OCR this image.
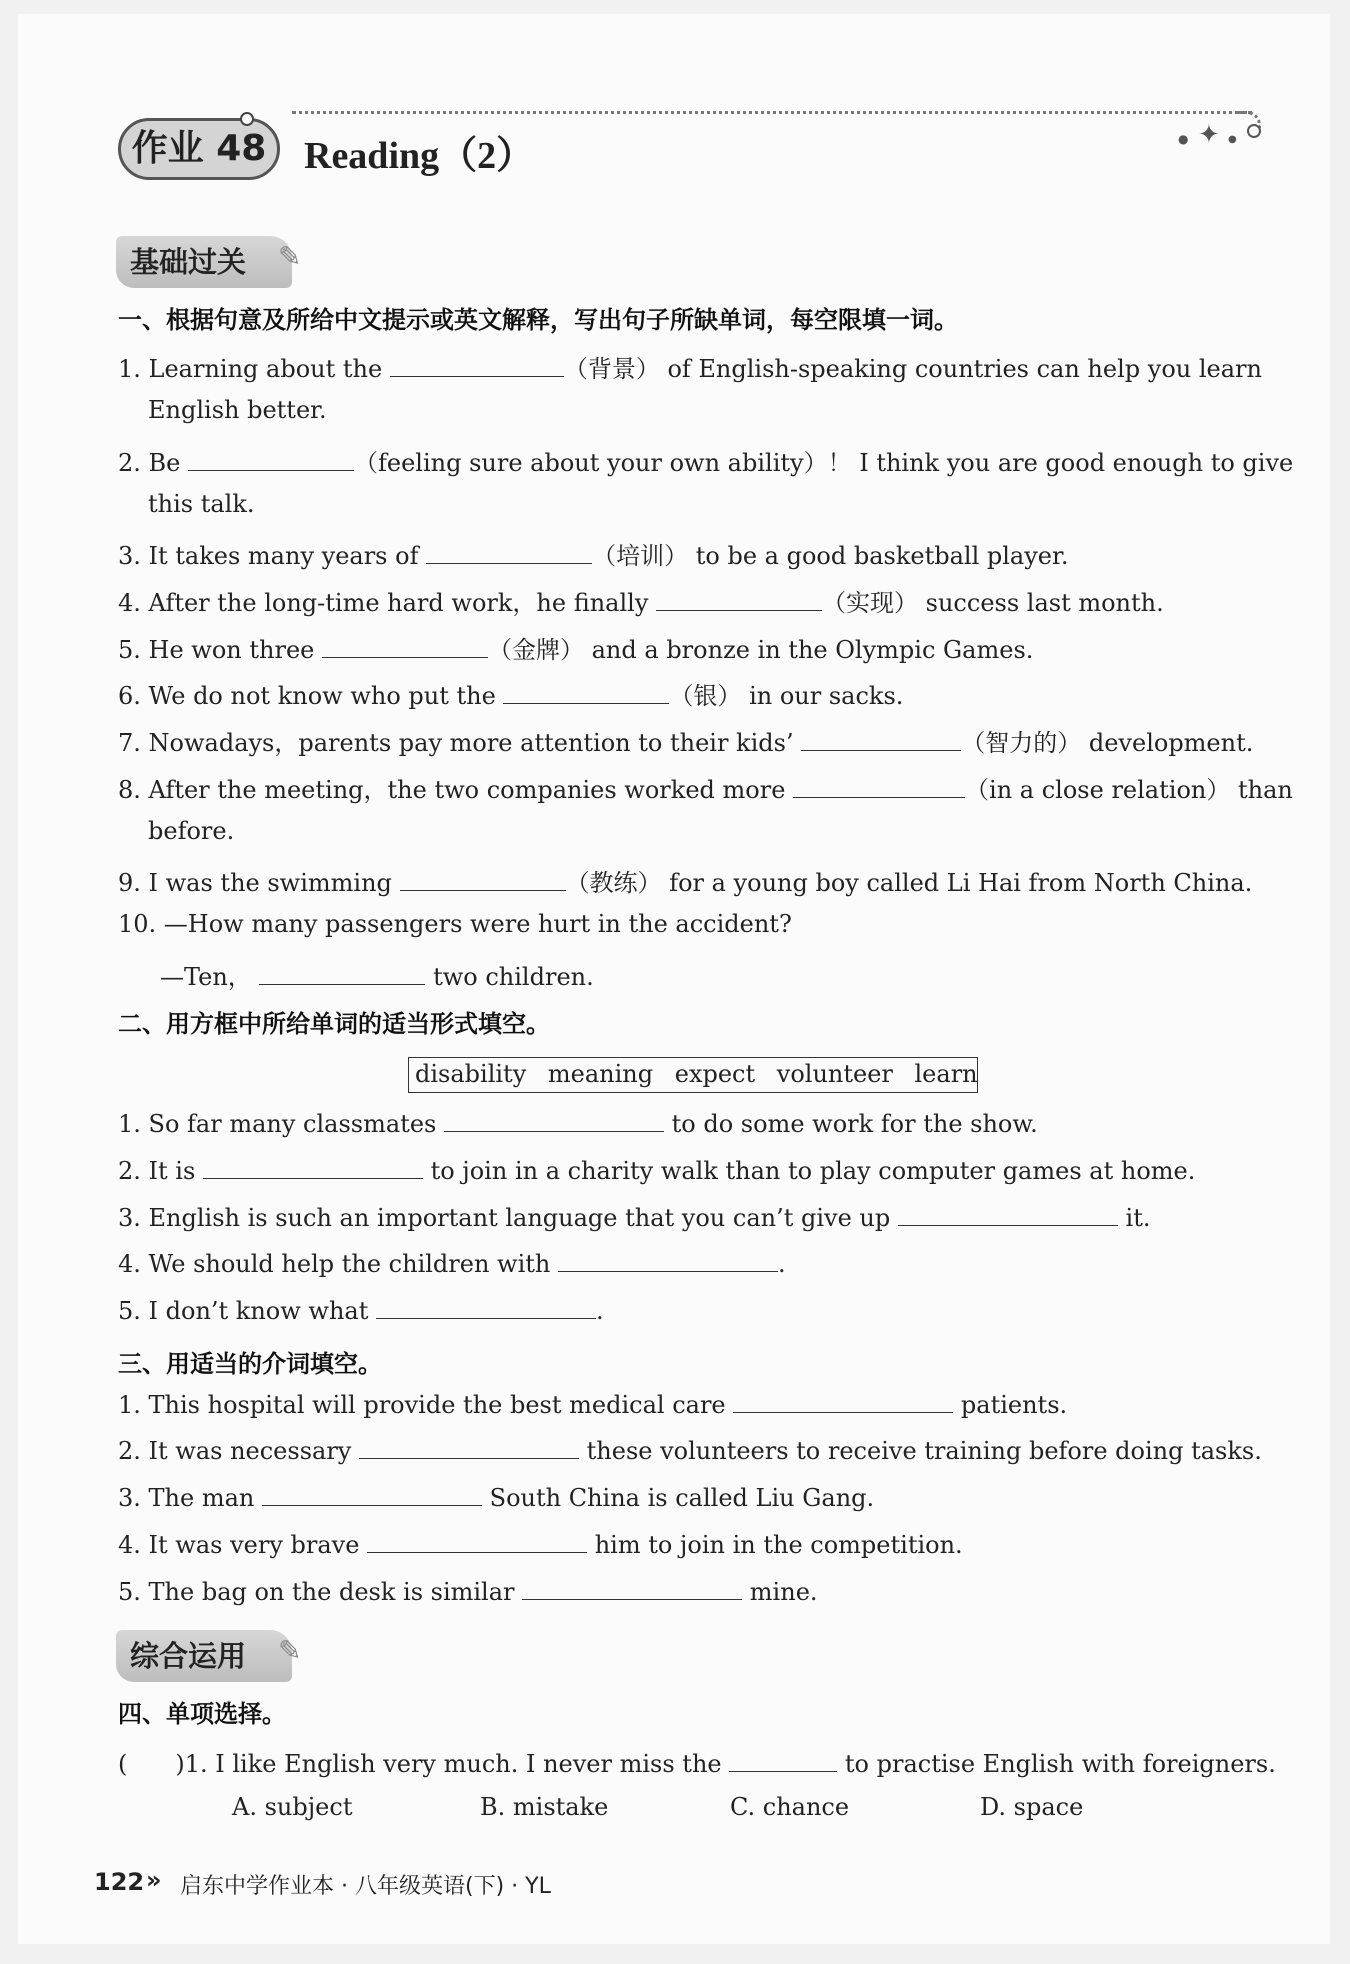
作业 48 Reading（2）	● ✦ ●
基础过关	✎
一、根据句意及所给中文提示或英文解释，写出句子所缺单词，每空限填一词。
1. Learning about the	（背景） of English-speaking countries can help you learn
English better.
2. Be	（feeling sure about your own ability）！ I think you are good enough to give
this talk.
3. It takes many years of	（培训） to be a good basketball player.
4. After the long-time hard work，he finally	（实现） success last month.
5. He won three	（金牌） and a bronze in the Olympic Games.
6. We do not know who put the	（银） in our sacks.
7. Nowadays，parents pay more attention to their kids’	（智力的） development.
8. After the meeting，the two companies worked more	（in a close relation） than
before.
9. I was the swimming	（教练） for a young boy called Li Hai from North China.
10. —How many passengers were hurt in the accident?
—Ten，	two children.
二、用方框中所给单词的适当形式填空。
disability meaning expect volunteer learn
1. So far many classmates	to do some work for the show.
2. It is	to join in a charity walk than to play computer games at home.
3. English is such an important language that you can’t give up	it.
4. We should help the children with	.
5. I don’t know what	.
三、用适当的介词填空。
1. This hospital will provide the best medical care	patients.
2. It was necessary	these volunteers to receive training before doing tasks.
3. The man	South China is called Liu Gang.
4. It was very brave	him to join in the competition.
5. The bag on the desk is similar	mine.
综合运用	✎
四、单项选择。
(　　)1. I like English very much. I never miss the	to practise English with foreigners.
A. subject	B. mistake	C. chance	D. space
122 » 启东中学作业本 · 八年级英语(下) · YL
